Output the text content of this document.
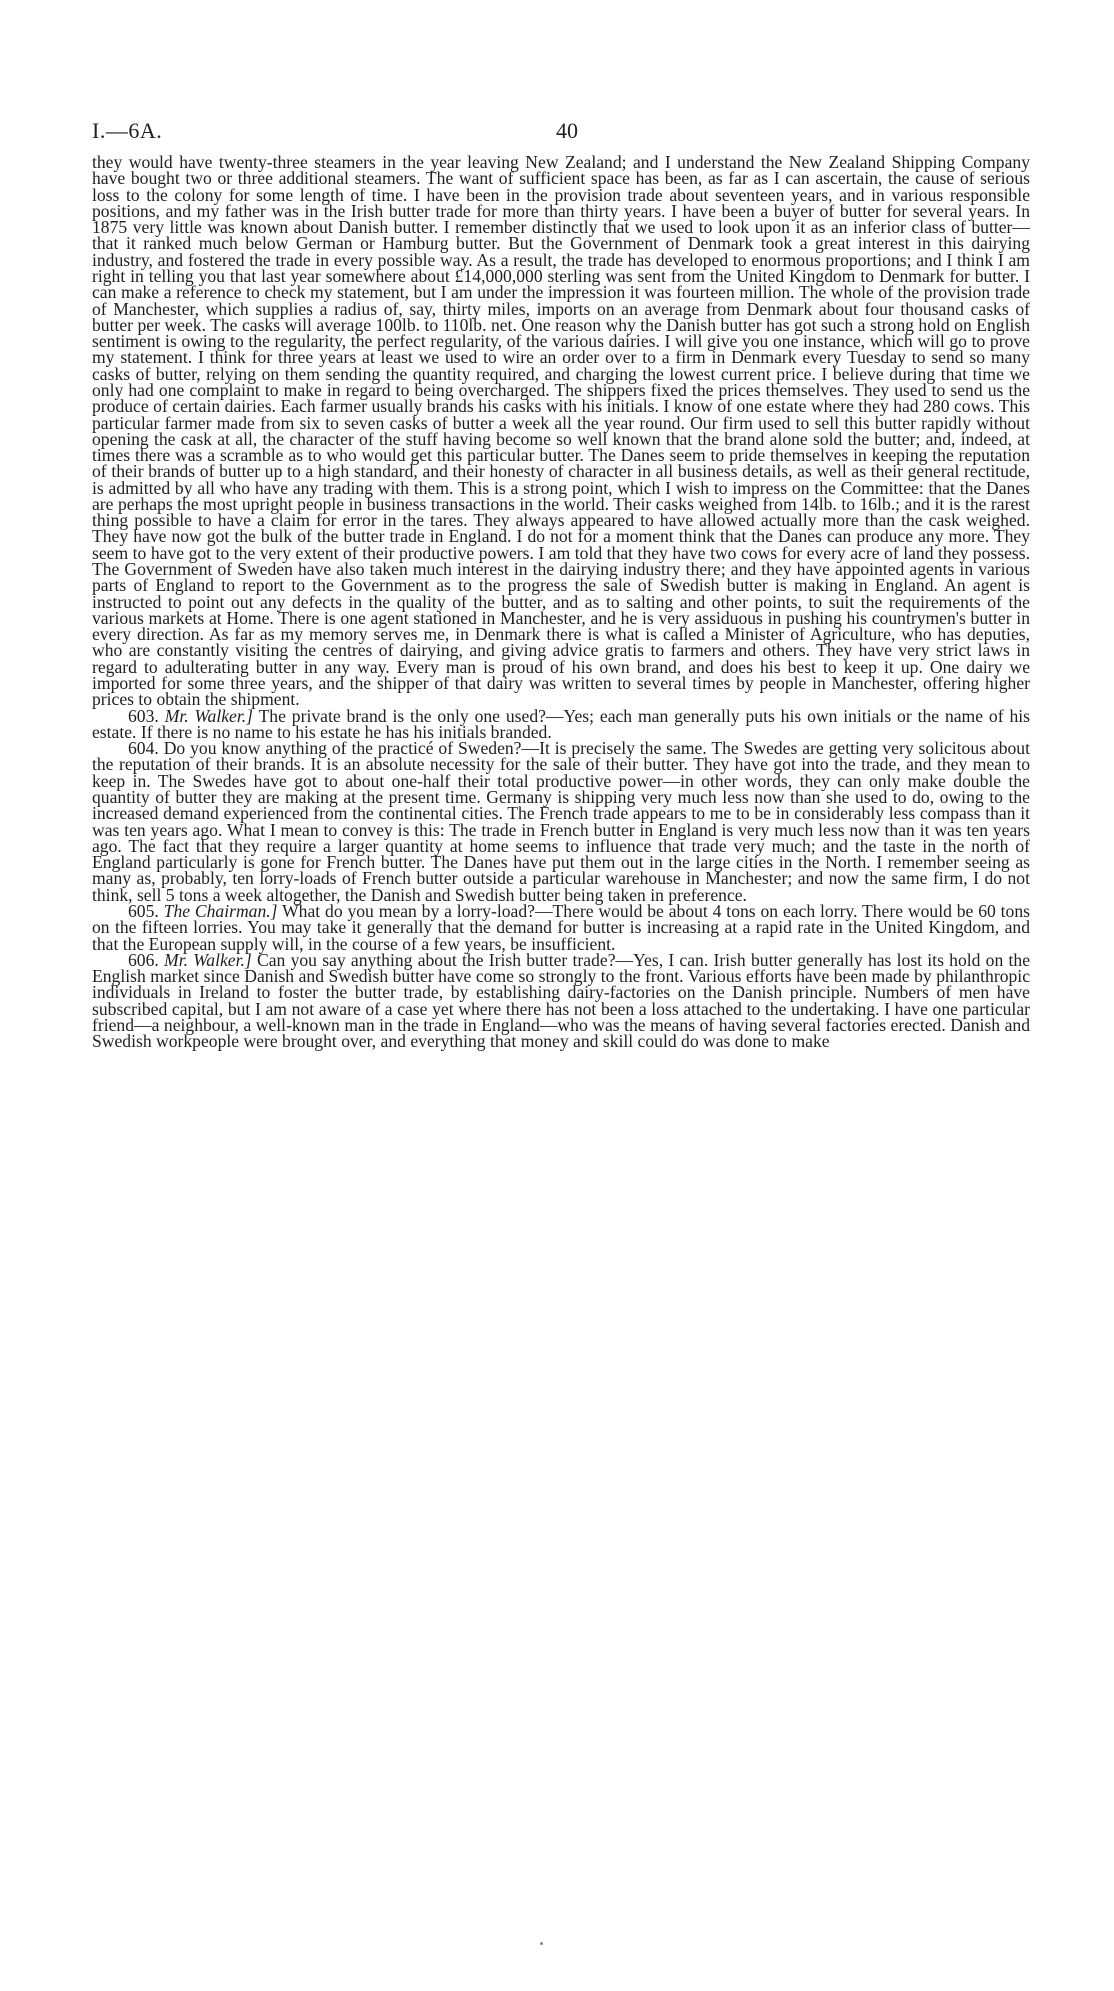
I.—6A.	40

they would have twenty-three steamers in the year leaving New Zealand; and I understand the New Zealand Shipping Company have bought two or three additional steamers. The want of sufficient space has been, as far as I can ascertain, the cause of serious loss to the colony for some length of time. I have been in the provision trade about seventeen years, and in various responsible positions, and my father was in the Irish butter trade for more than thirty years. I have been a buyer of butter for several years. In 1875 very little was known about Danish butter. I remember distinctly that we used to look upon it as an inferior class of butter—that it ranked much below German or Hamburg butter. But the Government of Denmark took a great interest in this dairying industry, and fostered the trade in every possible way. As a result, the trade has developed to enormous proportions; and I think I am right in telling you that last year somewhere about £14,000,000 sterling was sent from the United Kingdom to Denmark for butter. I can make a reference to check my statement, but I am under the impression it was fourteen million. The whole of the provision trade of Manchester, which supplies a radius of, say, thirty miles, imports on an average from Denmark about four thousand casks of butter per week. The casks will average 100lb. to 110lb. net. One reason why the Danish butter has got such a strong hold on English sentiment is owing to the regularity, the perfect regularity, of the various dairies. I will give you one instance, which will go to prove my statement. I think for three years at least we used to wire an order over to a firm in Denmark every Tuesday to send so many casks of butter, relying on them sending the quantity required, and charging the lowest current price. I believe during that time we only had one complaint to make in regard to being overcharged. The shippers fixed the prices themselves. They used to send us the produce of certain dairies. Each farmer usually brands his casks with his initials. I know of one estate where they had 280 cows. This particular farmer made from six to seven casks of butter a week all the year round. Our firm used to sell this butter rapidly without opening the cask at all, the character of the stuff having become so well known that the brand alone sold the butter; and, indeed, at times there was a scramble as to who would get this particular butter. The Danes seem to pride themselves in keeping the reputation of their brands of butter up to a high standard, and their honesty of character in all business details, as well as their general rectitude, is admitted by all who have any trading with them. This is a strong point, which I wish to impress on the Committee: that the Danes are perhaps the most upright people in business transactions in the world. Their casks weighed from 14lb. to 16lb.; and it is the rarest thing possible to have a claim for error in the tares. They always appeared to have allowed actually more than the cask weighed. They have now got the bulk of the butter trade in England. I do not for a moment think that the Danes can produce any more. They seem to have got to the very extent of their productive powers. I am told that they have two cows for every acre of land they possess. The Government of Sweden have also taken much interest in the dairying industry there; and they have appointed agents in various parts of England to report to the Government as to the progress the sale of Swedish butter is making in England. An agent is instructed to point out any defects in the quality of the butter, and as to salting and other points, to suit the requirements of the various markets at Home. There is one agent stationed in Manchester, and he is very assiduous in pushing his countrymen's butter in every direction. As far as my memory serves me, in Denmark there is what is called a Minister of Agriculture, who has deputies, who are constantly visiting the centres of dairying, and giving advice gratis to farmers and others. They have very strict laws in regard to adulterating butter in any way. Every man is proud of his own brand, and does his best to keep it up. One dairy we imported for some three years, and the shipper of that dairy was written to several times by people in Manchester, offering higher prices to obtain the shipment.

603. Mr. Walker.] The private brand is the only one used?—Yes; each man generally puts his own initials or the name of his estate. If there is no name to his estate he has his initials branded.

604. Do you know anything of the practicé of Sweden?—It is precisely the same. The Swedes are getting very solicitous about the reputation of their brands. It is an absolute necessity for the sale of their butter. They have got into the trade, and they mean to keep in. The Swedes have got to about one-half their total productive power—in other words, they can only make double the quantity of butter they are making at the present time. Germany is shipping very much less now than she used to do, owing to the increased demand experienced from the continental cities. The French trade appears to me to be in considerably less compass than it was ten years ago. What I mean to convey is this: The trade in French butter in England is very much less now than it was ten years ago. The fact that they require a larger quantity at home seems to influence that trade very much; and the taste in the north of England particularly is gone for French butter. The Danes have put them out in the large cities in the North. I remember seeing as many as, probably, ten lorry-loads of French butter outside a particular warehouse in Manchester; and now the same firm, I do not think, sell 5 tons a week altogether, the Danish and Swedish butter being taken in preference.

605. The Chairman.] What do you mean by a lorry-load?—There would be about 4 tons on each lorry. There would be 60 tons on the fifteen lorries. You may take it generally that the demand for butter is increasing at a rapid rate in the United Kingdom, and that the European supply will, in the course of a few years, be insufficient.

606. Mr. Walker.] Can you say anything about the Irish butter trade?—Yes, I can. Irish butter generally has lost its hold on the English market since Danish and Swedish butter have come so strongly to the front. Various efforts have been made by philanthropic individuals in Ireland to foster the butter trade, by establishing dairy-factories on the Danish principle. Numbers of men have subscribed capital, but I am not aware of a case yet where there has not been a loss attached to the undertaking. I have one particular friend—a neighbour, a well-known man in the trade in England—who was the means of having several factories erected. Danish and Swedish workpeople were brought over, and everything that money and skill could do was done to make
